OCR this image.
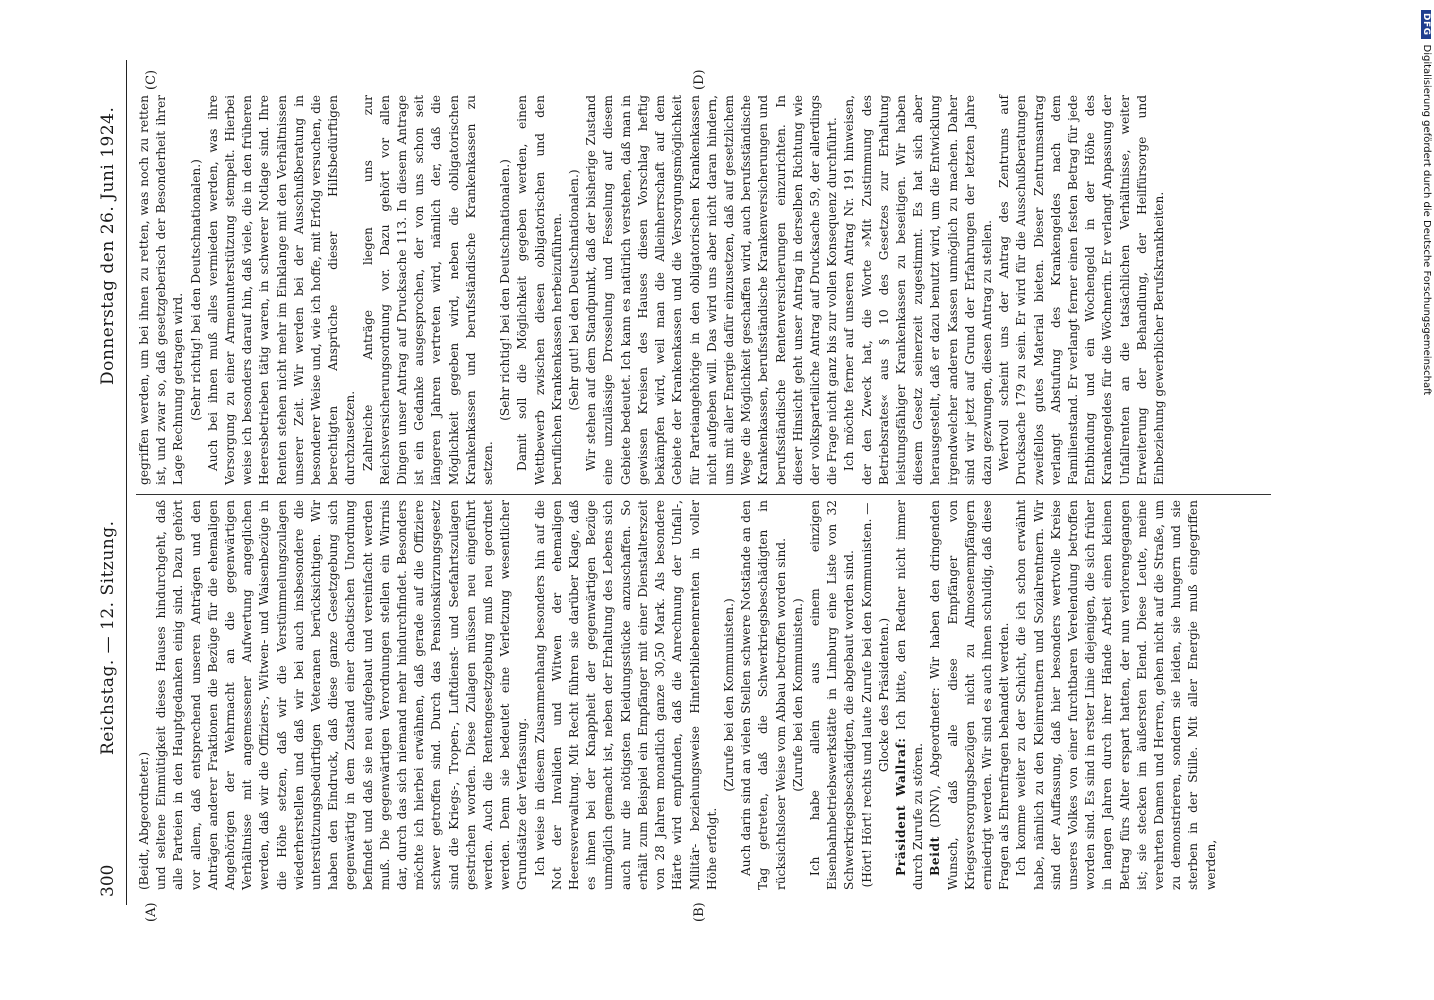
300
Reichstag. — 12. Sitzung.
Donnerstag den 26. Juni 1924.
(A)	(B)
(C)	(D)

(Beidt, Abgeordneter.) und seltene Einmütigkeit dieses Hauses hindurchgeht, daß alle Parteien in den Hauptgedanken einig sind. Dazu gehört vor allem, daß entsprechend unseren Anträgen und den Anträgen anderer Fraktionen die Bezüge für die ehemaligen Angehörigen der Wehrmacht an die gegenwärtigen Verhältnisse mit angemessener Aufwertung angeglichen werden, daß wir die Offiziers-, Witwen- und Waisenbezüge in die Höhe setzen, daß wir die Verstümmelungszulagen wiederherstellen und daß wir bei auch insbesondere die unterstützungsbedürftigen Veteranen berücksichtigen. Wir haben den Eindruck, daß diese ganze Gesetzgebung sich gegenwärtig in dem Zustand einer chaotischen Unordnung befindet und daß sie neu aufgebaut und vereinfacht werden muß. Die gegenwärtigen Verordnungen stellen ein Wirrnis dar, durch das sich niemand mehr hindurchfindet. Besonders möchte ich hierbei erwähnen, daß gerade auf die Offiziere schwer getroffen sind. Durch das Pensionskürzungsgesetz sind die Kriegs-, Tropen-, Luftdienst- und Seefahrtszulagen gestrichen worden. Diese Zulagen müssen neu eingeführt werden. Auch die Rentengesetzgebung muß neu geordnet werden. Denn sie bedeutet eine Verletzung wesentlicher Grundsätze der Verfassung. Ich weise in diesem Zusammenhang besonders hin auf die Not der Invaliden und Witwen der ehemaligen Heeresverwaltung. Mit Recht führen sie darüber Klage, daß es ihnen bei der Knappheit der gegenwärtigen Bezüge unmöglich gemacht ist, neben der Erhaltung des Lebens sich auch nur die nötigsten Kleidungsstücke anzuschaffen. So erhält zum Beispiel ein Empfänger mit einer Dienstalterszeit von 28 Jahren monatlich ganze 30,50 Mark. Als besondere Härte wird empfunden, daß die Anrechnung der Unfall-, Militär- beziehungsweise Hinterbliebenenrenten in voller Höhe erfolgt.

(Zurufe bei den Kommunisten.) Auch darin sind an vielen Stellen schwere Notstände an den Tag getreten, daß die Schwerkriegsbeschädigten in rücksichtsloser Weise vom Abbau betroffen worden sind. (Zurufe bei den Kommunisten.) Ich habe allein aus einem einzigen Eisenbahnbetriebswerkstätte in Limburg eine Liste von 32 Schwerkriegsbeschädigten, die abgebaut worden sind. (Hört! Hört! rechts und laute Zurufe bei den Kommunisten. — Glocke des Präsidenten.)

Präsident Wallraf: Ich bitte, den Redner nicht immer durch Zurufe zu stören. Beidt (DNV), Abgeordneter: Wir haben den dringenden Wunsch, daß alle diese Empfänger von Kriegsversorgungsbezügen nicht zu Almosenempfängern erniedrigt werden. Wir sind es auch ihnen schuldig, daß diese Fragen als Ehrenfragen behandelt werden. Ich komme weiter zu der Schicht, die ich schon erwähnt habe, nämlich zu den Kleinrentnern und Sozialrentnern. Wir sind der Auffassung, daß hier besonders wertvolle Kreise unseres Volkes von einer furchtbaren Verelendung betroffen worden sind. Es sind in erster Linie diejenigen, die sich früher in langen Jahren durch ihrer Hände Arbeit einen kleinen Betrag fürs Alter erspart hatten, der nun verlorengegangen ist; sie stecken im äußersten Elend. Diese Leute, meine verehrten Damen und Herren, gehen nicht auf die Straße, um zu demonstrieren, sondern sie leiden, sie hungern und sie sterben in der Stille. Mit aller Energie muß eingegriffen werden,

gegriffen werden, um bei ihnen zu retten, was noch zu retten ist, und zwar so, daß gesetzgeberisch der Besonderheit ihrer Lage Rechnung getragen wird. (Sehr richtig! bei den Deutschnationalen.) Auch bei ihnen muß alles vermieden werden, was ihre Versorgung zu einer Armenunterstützung stempelt. Hierbei weise ich besonders darauf hin, daß viele, die in den früheren Heeresbetrieben tätig waren, in schwerer Notlage sind. Ihre Renten stehen nicht mehr im Einklange mit den Verhältnissen unserer Zeit. Wir werden bei der Ausschußberatung in besonderer Weise und, wie ich hoffe, mit Erfolg versuchen, die berechtigten Ansprüche dieser Hilfsbedürftigen durchzusetzen. Zahlreiche Anträge liegen uns zur Reichsversicherungsordnung vor. Dazu gehört vor allen Dingen unser Antrag auf Drucksache 113. In diesem Antrage ist ein Gedanke ausgesprochen, der von uns schon seit längeren Jahren vertreten wird, nämlich der, daß die Möglichkeit gegeben wird, neben die obligatorischen Krankenkassen und berufsständische Krankenkassen zu setzen.

(Sehr richtig! bei den Deutschnationalen.) Damit soll die Möglichkeit gegeben werden, einen Wettbewerb zwischen diesen obligatorischen und den beruflichen Krankenkassen herbeizuführen. (Sehr gut! bei den Deutschnationalen.) Wir stehen auf dem Standpunkt, daß der bisherige Zustand eine unzulässige Drosselung und Fesselung auf diesem Gebiete bedeutet. Ich kann es natürlich verstehen, daß man in gewissen Kreisen des Hauses diesen Vorschlag heftig bekämpfen wird, weil man die Alleinherrschaft auf dem Gebiete der Krankenkassen und die Versorgungsmöglichkeit für Parteiangehörige in den obligatorischen Krankenkassen nicht aufgeben will. Das wird uns aber nicht daran hindern, uns mit aller Energie dafür einzusetzen, daß auf gesetzlichem Wege die Möglichkeit geschaffen wird, auch berufsständische Krankenkassen, berufsständische Krankenversicherungen und berufsständische Rentenversicherungen einzurichten. In dieser Hinsicht geht unser Antrag in derselben Richtung wie der volksparteiliche Antrag auf Drucksache 59, der allerdings die Frage nicht ganz bis zur vollen Konsequenz durchführt. Ich möchte ferner auf unseren Antrag Nr. 191 hinweisen, der den Zweck hat, die Worte »Mit Zustimmung des Betriebsrates« aus § 10 des Gesetzes zur Erhaltung leistungsfähiger Krankenkassen zu beseitigen. Wir haben diesem Gesetz seinerzeit zugestimmt. Es hat sich aber herausgestellt, daß er dazu benutzt wird, um die Entwicklung irgendwelcher anderen Kassen unmöglich zu machen. Daher sind wir jetzt auf Grund der Erfahrungen der letzten Jahre dazu gezwungen, diesen Antrag zu stellen. Wertvoll scheint uns der Antrag des Zentrums auf Drucksache 179 zu sein. Er wird für die Ausschußberatungen zweifellos gutes Material bieten. Dieser Zentrumsantrag verlangt Abstufung des Krankengeldes nach dem Familienstand. Er verlangt ferner einen festen Betrag für jede Entbindung und ein Wochengeld in der Höhe des Krankengeldes für die Wöchnerin. Er verlangt Anpassung der Unfallrenten an die tatsächlichen Verhältnisse, weiter Erweiterung der Behandlung, der Heilfürsorge und Einbeziehung gewerblicher Berufskrankheiten.

DFGDigitalisierung gefördert durch die Deutsche Forschungsgemeinschaft
